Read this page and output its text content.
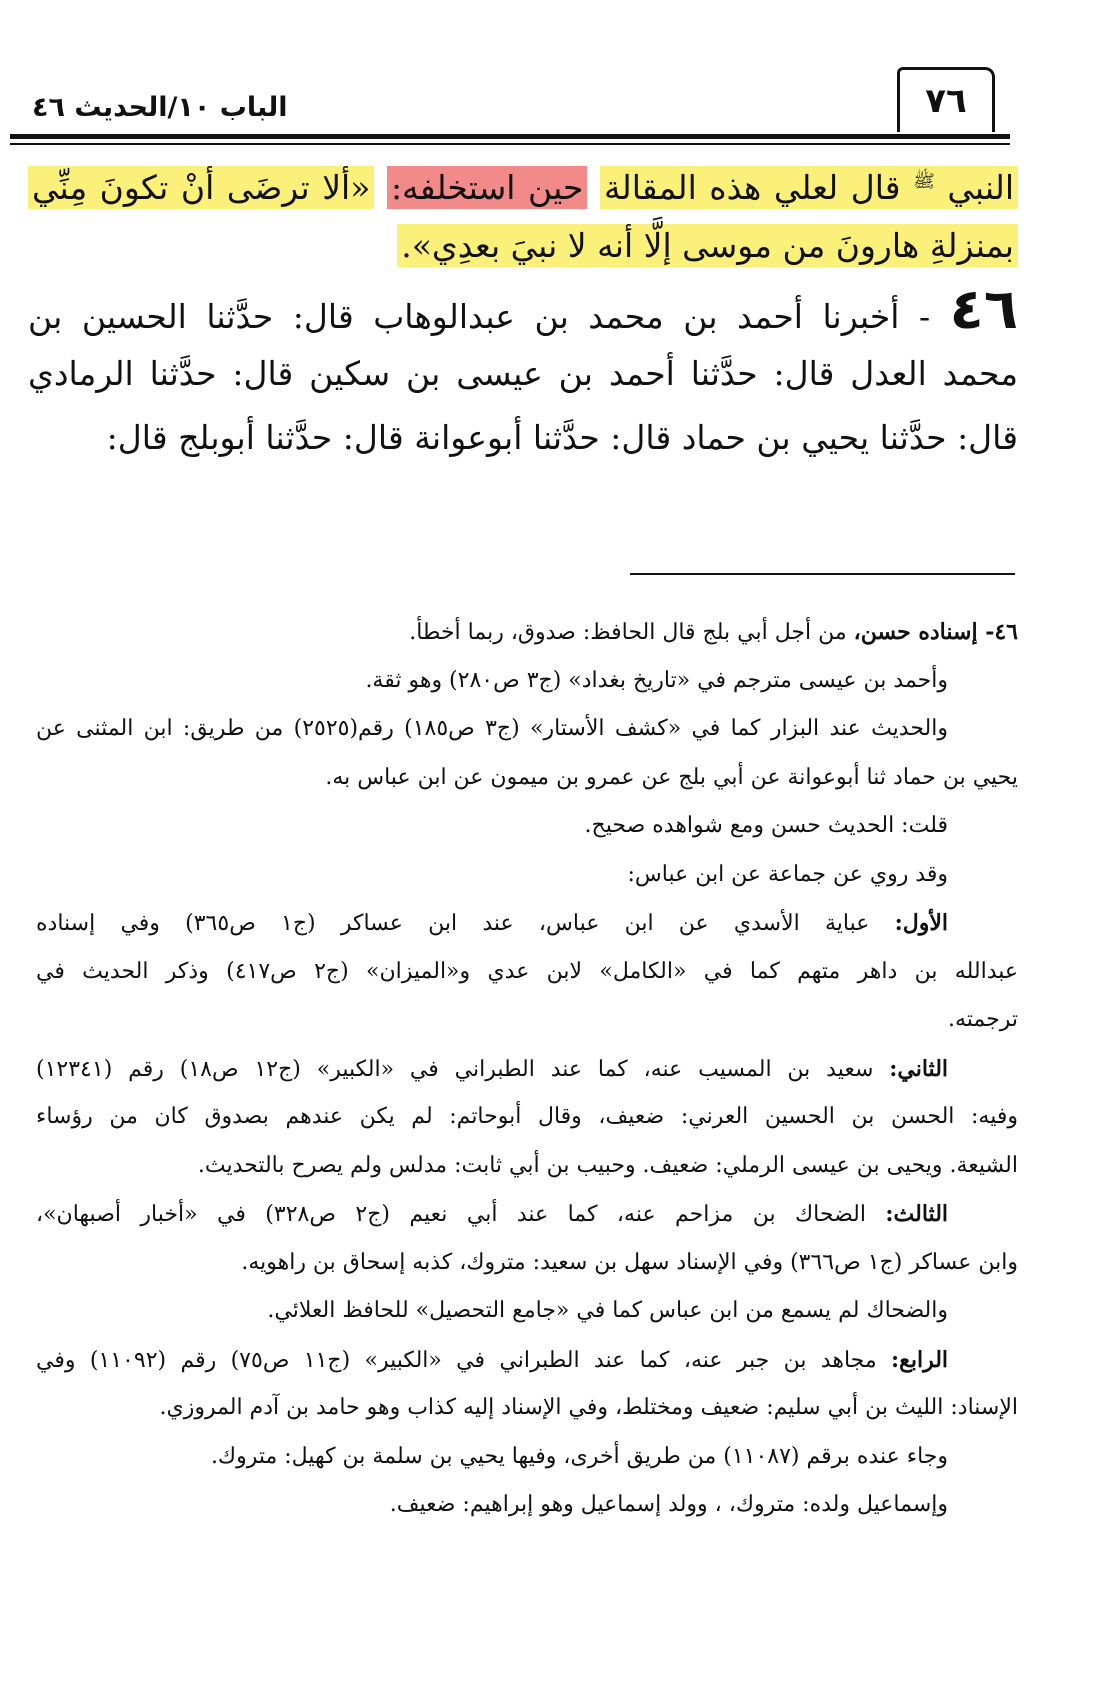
الباب ١٠/الحديث ٤٦	٧٦
النبي $^ﷺ$ قال لعلي هذه المقالة حين استخلفه: «ألا ترضَى أنْ تكونَ مِنِّي
بمنزلةِ هارونَ من موسى إلَّا أنه لا نبيَ بعدِي».
٤٦ - أخبرنا أحمد بن محمد بن عبدالوهاب قال: حدَّثنا الحسين بن
محمد العدل قال: حدَّثنا أحمد بن عيسى بن سكين قال: حدَّثنا الرمادي
قال: حدَّثنا يحيي بن حماد قال: حدَّثنا أبوعوانة قال: حدَّثنا أبوبلج قال:
٤٦- إسناده حسن، من أجل أبي بلج قال الحافظ: صدوق، ربما أخطأ.
وأحمد بن عيسى مترجم في «تاريخ بغداد» (ج٣ ص٢٨٠) وهو ثقة.
والحديث عند البزار كما في «كشف الأستار» (ج٣ ص١٨٥) رقم(٢٥٢٥) من طريق: ابن المثنى عن
يحيي بن حماد ثنا أبوعوانة عن أبي بلج عن عمرو بن ميمون عن ابن عباس به.
قلت: الحديث حسن ومع شواهده صحيح.
وقد روي عن جماعة عن ابن عباس:
الأول: عباية الأسدي عن ابن عباس، عند ابن عساكر (ج١ ص٣٦٥) وفي إسناده
عبدالله بن داهر متهم كما في «الكامل» لابن عدي و«الميزان» (ج٢ ص٤١٧) وذكر الحديث في
ترجمته.
الثاني: سعيد بن المسيب عنه، كما عند الطبراني في «الكبير» (ج١٢ ص١٨) رقم (١٢٣٤١)
وفيه: الحسن بن الحسين العرني: ضعيف، وقال أبوحاتم: لم يكن عندهم بصدوق كان من رؤساء
الشيعة. ويحيى بن عيسى الرملي: ضعيف. وحبيب بن أبي ثابت: مدلس ولم يصرح بالتحديث.
الثالث: الضحاك بن مزاحم عنه، كما عند أبي نعيم (ج٢ ص٣٢٨) في «أخبار أصبهان»،
وابن عساكر (ج١ ص٣٦٦) وفي الإسناد سهل بن سعيد: متروك، كذبه إسحاق بن راهويه.
والضحاك لم يسمع من ابن عباس كما في «جامع التحصيل» للحافظ العلائي.
الرابع: مجاهد بن جبر عنه، كما عند الطبراني في «الكبير» (ج١١ ص٧٥) رقم (١١٠٩٢) وفي
الإسناد: الليث بن أبي سليم: ضعيف ومختلط، وفي الإسناد إليه كذاب وهو حامد بن آدم المروزي.
وجاء عنده برقم (١١٠٨٧) من طريق أخرى، وفيها يحيي بن سلمة بن كهيل: متروك.
وإسماعيل ولده: متروك، ، وولد إسماعيل وهو إبراهيم: ضعيف.
